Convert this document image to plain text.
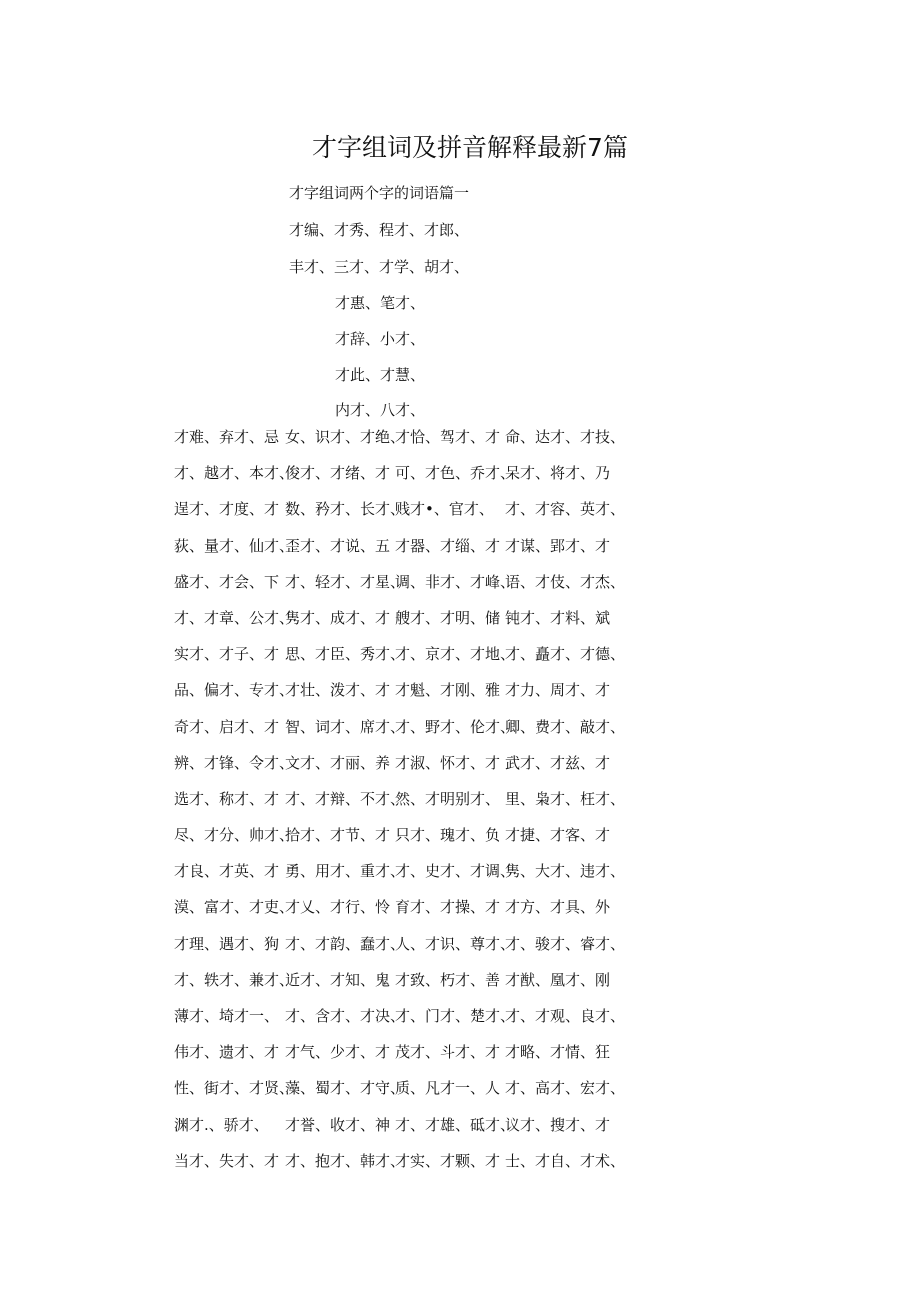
才字组词及拼音解释最新7篇
才字组词两个字的词语篇一
才编、才秀、程才、才郎、
丰才、三才、才学、胡才、
才惠、笔才、
才辞、小才、
才此、才慧、
内才、八才、
才难、弃才、忌 女、识才、才绝、
才恰、驾才、才 命、达才、才技、
才、越才、本才、
俊才、才绪、才 可、才色、乔才、
呆才、将才、乃
逞才、才度、才 数、矜才、长才、
贱才•、官才、 才、才容、英才、
荻、量才、仙才、
歪才、才说、五 才器、才缁、才 才谋、郢才、才
盛才、才会、下 才、轻才、才星、
调、非才、才峰、
语、才伎、才杰、
才、才章、公才、
隽才、成才、才 艘才、才明、储 钝才、才料、斌
实才、才子、才 思、才臣、秀才、
才、京才、才地、
才、矗才、才德、
品、偏才、专才、
才壮、泼才、才 才魁、才刚、雅 才力、周才、才
奇才、启才、才 智、词才、席才、
才、野才、伦才、
卿、费才、敲才、
辨、才锋、令才、
文才、才丽、养 才淑、怀才、才 武才、才兹、才
选才、称才、才 才、才辩、不才、
然、才明别才、 里、枭才、枉才、
尽、才分、帅才、
拾才、才节、才 只才、瑰才、负 才捷、才客、才
才良、才英、才 勇、用才、重才、
才、史才、才调、
隽、大才、违才、
漠、富才、才吏、
才乂、才行、怜 育才、才操、才 才方、才具、外
才理、遇才、狗 才、才韵、蠢才、
人、才识、尊才、
才、骏才、睿才、
才、轶才、兼才、
近才、才知、鬼 才致、朽才、善 才猷、凰才、刚
薄才、埼才一、 才、含才、才决、
才、门才、楚才、
才、才观、良才、
伟才、遗才、才 才气、少才、才 茂才、斗才、才 才略、才情、狂
性、街才、才贤、
藻、蜀才、才守、
质、凡才一、人 才、高才、宏才、
渊才.、骄才、 才誉、收才、神 才、才雄、砥才、
议才、搜才、才
当才、失才、才 才、抱才、韩才、
才实、才颗、才 士、才自、才术、
